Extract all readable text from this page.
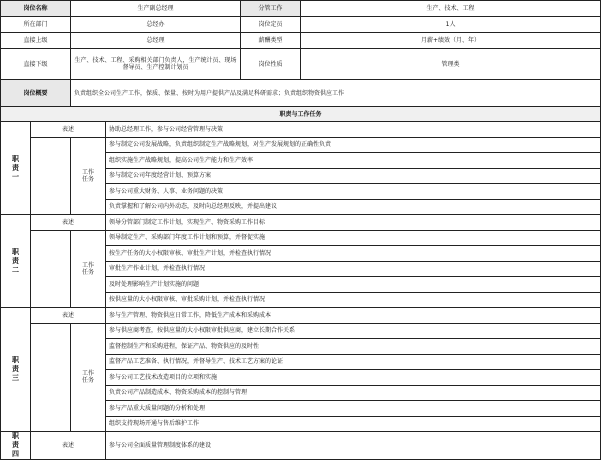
岗位名称		生产副总经理		分管工作	生产、技术、工程
所在部门		总经办		岗位定员	1人
直接上级		总经理		薪酬类型	月薪+绩效（月、年）
直接下级		生产、技术、工程、采购相关部门负责人，生产统计员、现场督导员、生产控制计划员		岗位性质	管理类
岗位概要		负责组织全公司生产工作，保质、保量、按时为用户提供产品及满足科研需求；负责组织物资供应工作			
职责与工作任务					
职责一	表述		协助总经理工作，参与公司经营管理与决策		
		工作任务	参与制定公司发展战略，负责组织制定生产战略规划，对生产发展规划的正确性负责		
			组织实施生产战略规划，提高公司生产能力和生产效率		
			参与制定公司年度经营计划、预算方案		
			参与公司重大财务、人事、业务问题的决策		
			负责掌握和了解公司内外动态，及时向总经理反映，并提出建议		
职责二	表述		领导分管部门制定工作计划，实现生产、物资采购工作目标		
		工作任务	领导制定生产、采购部门年度工作计划和预算，并督促实施		
			按生产任务的大小权限审核、审批生产计划，并检查执行情况		
			审批生产作业计划，并检查执行情况		
			及时处理影响生产计划实施的问题		
			按供应量的大小权限审核、审批采购计划，并检查执行情况		
职责三	表述		参与生产管理、物资供应日常工作，降低生产成本和采购成本		
		工作任务	参与供应商考查，按供应量的大小权限审批供应商，建立长期合作关系		
			监督控制生产和采购进程，保证产品、物资供应的及时性		
			监督产品工艺准备、执行情况，并督导生产、技术工艺方案的论证		
			参与公司工艺技术改造项目的立项和实施		
			负责公司产品制造成本、物资采购成本的控制与管理		
			参与产品重大质量问题的分析和处理		
			组织支持现场开通与售后维护工作		
职责四	表述		参与公司全面质量管理制度体系的建设		
